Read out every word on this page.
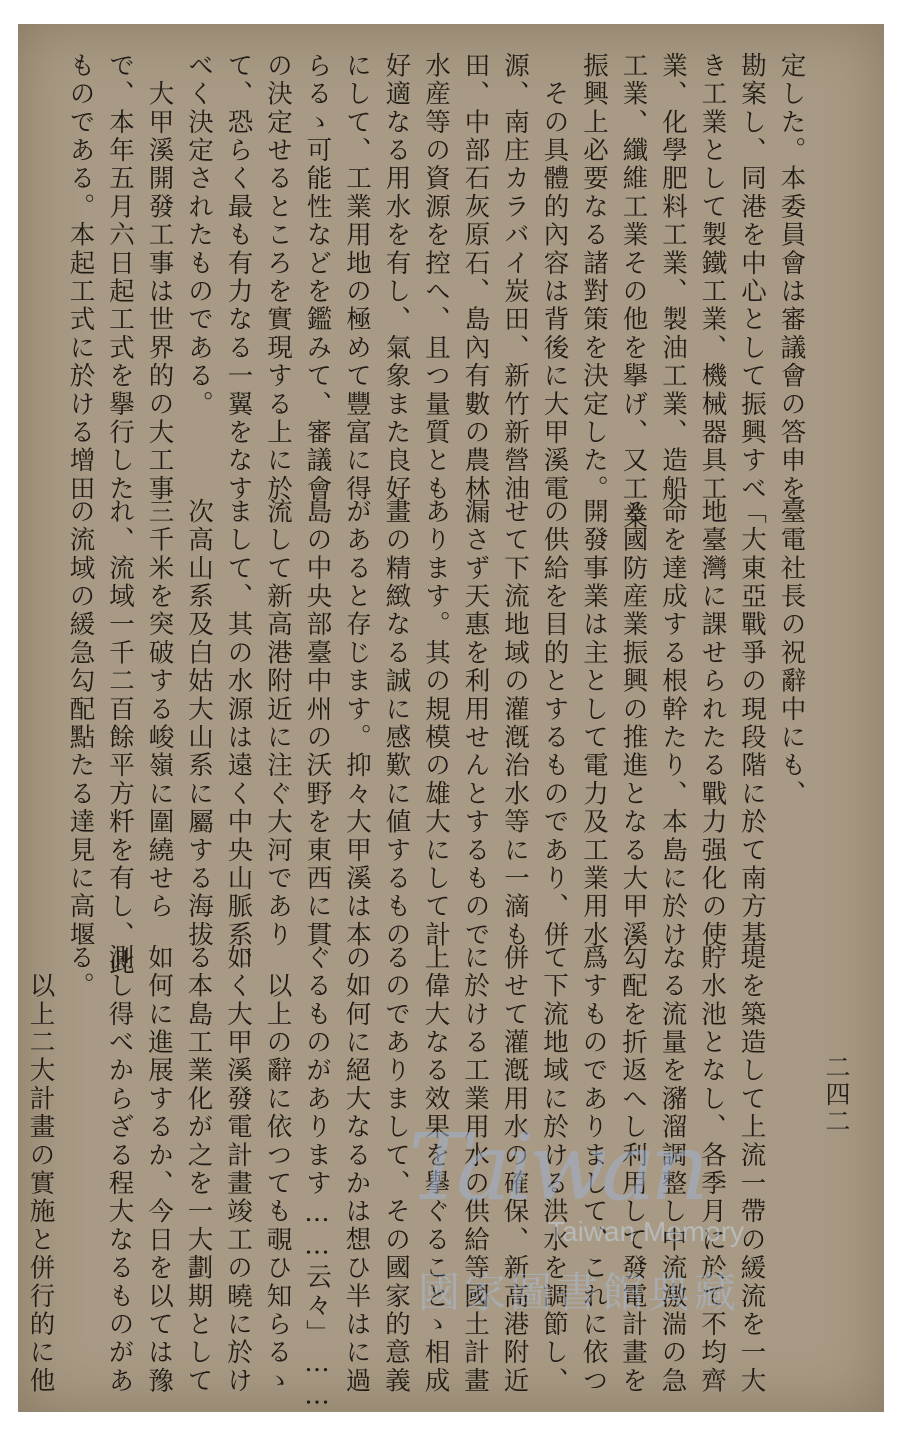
二四二
定した。本委員會は審議會の答申を
勘案し、同港を中心として振興すべ
き工業として製鐵工業、機械器具工
業、化學肥料工業、製油工業、造船
工業、纖維工業その他を擧げ、又工業
振興上必要なる諸對策を決定した。
　その具體的內容は背後に大甲溪電
源、南庄カラバイ炭田、新竹新營油
田、中部石灰原石、島內有數の農林
水産等の資源を控へ、且つ量質とも
好適なる用水を有し、氣象また良好
にして、工業用地の極めて豐富に得
らるゝ可能性などを鑑みて、審議會
の決定せるところを實現する上に於
て、恐らく最も有力なる一翼をなす
べく決定されたものである。
　大甲溪開發工事は世界的の大工事
で、本年五月六日起工式を擧行した
ものである。本起工式に於ける增田
臺電社長の祝辭中にも、
「大東亞戰爭の現段階に於て南方基
地臺灣に課せられたる戰力强化の使
命を達成する根幹たり、本島に於け
る國防産業振興の推進となる大甲溪
開發事業は主として電力及工業用水
の供給を目的とするものであり、併
せて下流地域の灌漑治水等に一滴も
漏さず天惠を利用せんとするもので
あります。其の規模の雄大にして計
畫の精緻なる誠に感歎に値するもの
があると存じます。抑々大甲溪は本
島の中央部臺中州の沃野を東西に貫
流して新高港附近に注ぐ大河であり
まして、其の水源は遠く中央山脈系、
次高山系及白姑大山系に屬する海拔
三千米を突破する峻嶺に圍繞せら
れ、流域一千二百餘平方粁を有し、此
の流域の緩急勾配點たる達見に高堰
堤を築造して上流一帶の緩流を一大
貯水池となし、各季月に於て不均齊
なる流量を瀦溜調整し中流激湍の急
勾配を折返へし利用して發電計畫を
爲すものでありまして、これに依つ
て下流地域に於ける洪水を調節し、
併せて灌漑用水の確保、新高港附近
に於ける工業用水の供給等國土計畫
上偉大なる效果を擧ぐることゝ相成
るのでありまして、その國家的意義
の如何に絕大なるかは想ひ半はに過
ぐるものがあります……云々」……
　以上の辭に依つても覗ひ知らるゝ
如く大甲溪發電計畫竣工の曉に於け
る本島工業化が之を一大劃期として
如何に進展するか、今日を以ては豫
測し得べからざる程大なるものがあ
る。
　以上二大計畫の實施と併行的に他	Taiwan
Taiwan Memory
國家圖書館典藏
